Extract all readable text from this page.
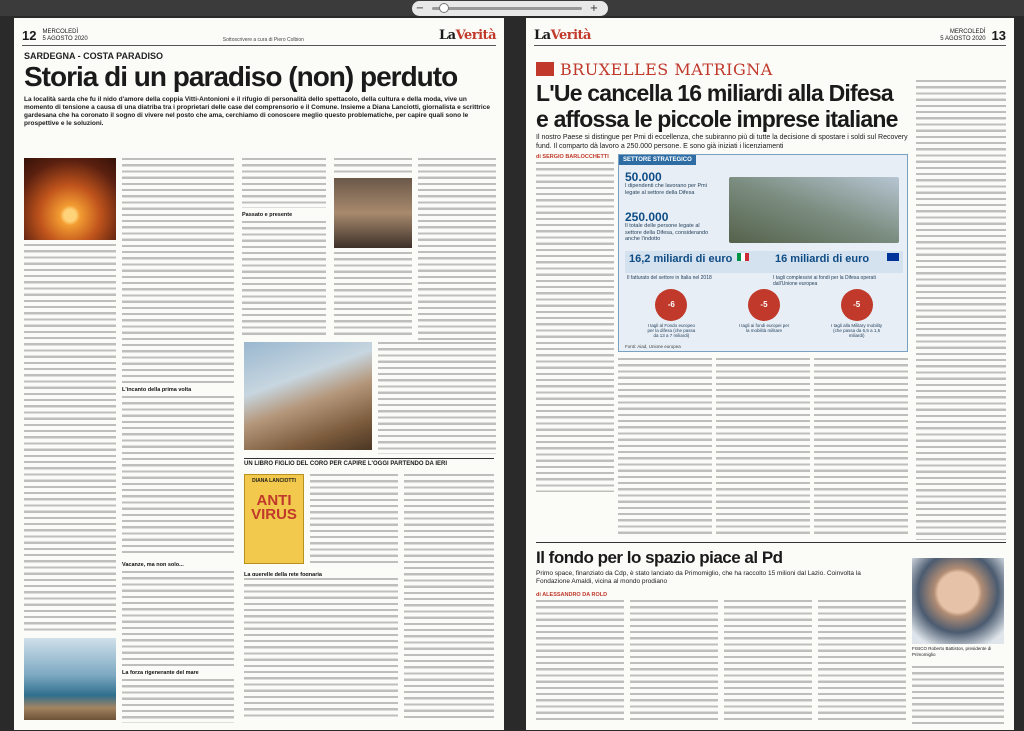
−	+
12 MERCOLEDÌ
5 AGOSTO 2020	Sottoscrivere a cura di Piero Colbion	LaVerità
SARDEGNA - COSTA PARADISO
Storia di un paradiso (non) perduto
La località sarda che fu il nido d'amore della coppia Vitti-Antonioni e il rifugio di personalità dello spettacolo, della cultura e della moda, vive un momento di tensione a causa di una diatriba tra i proprietari delle case del comprensorio e il Comune. Insieme a Diana Lanciotti, giornalista e scrittrice gardesana che ha coronato il sogno di vivere nel posto che ama, cerchiamo di conoscere meglio questo problematiche, per capire quali sono le prospettive e le soluzioni.
L'incanto della prima volta
Vacanze, ma non solo...
La forza rigenerante del mare
Passato e presente
UN LIBRO FIGLIO DEL CORO PER CAPIRE L'OGGI PARTENDO DA IERI
DIANA LANCIOTTI
ANTI VIRUS
La querelle della rete fognaria
LaVerità	MERCOLEDÌ
5 AGOSTO 2020 13
BRUXELLES MATRIGNA
L'Ue cancella 16 miliardi alla Difesa e affossa le piccole imprese italiane
Il nostro Paese si distingue per Pmi di eccellenza, che subiranno più di tutte la decisione di spostare i soldi sul Recovery fund. Il comparto dà lavoro a 250.000 persone. E sono già iniziati i licenziamenti
di SERGIO BARLOCCHETTI	SETTORE STRATEGICO
50.000
I dipendenti che lavorano per Pmi legate al settore della Difesa
250.000
Il totale delle persone legate al settore della Difesa, considerando anche l'indotto
16,2 miliardi di euro	16 miliardi di euro
Il fatturato del settore in Italia nel 2018	I tagli complessivi ai fondi per la Difesa operati dall'Unione europea
-6
I tagli al Fondo europeo per la difesa (che passa da 13 a 7 miliardi)
-5
I tagli ai fondi europei per la mobilità militare
-5
I tagli alla Military mobility (che passa da 6,5 a 1,5 miliardi)
Fonti: Aiad, Unione europea
Il fondo per lo spazio piace al Pd
Primo space, finanziato da Cdp, è stato lanciato da Primomiglio, che ha raccolto 15 milioni dal Lazio. Coinvolta la Fondazione Amaldi, vicina al mondo prodiano
di ALESSANDRO DA ROLD
FISICO Roberto Battiston, presidente di Primomiglio
